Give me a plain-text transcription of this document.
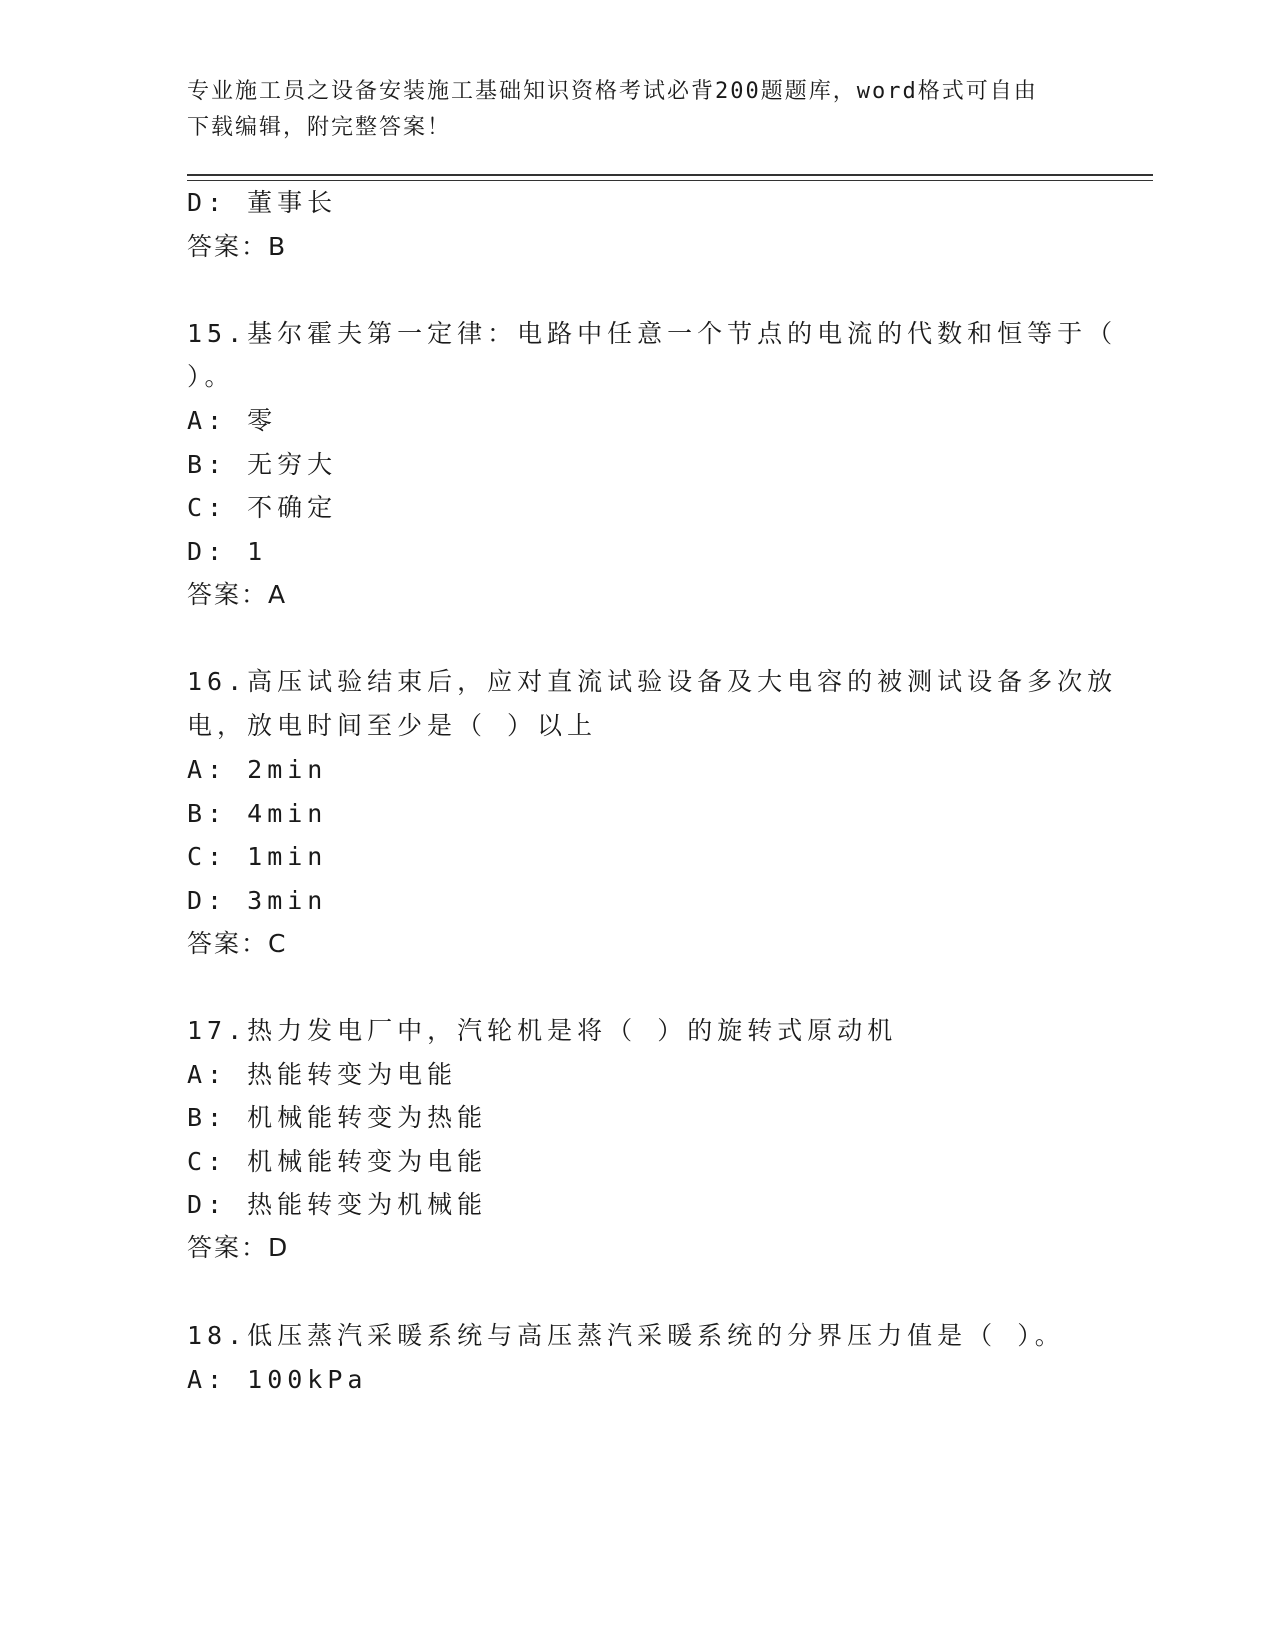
专业施工员之设备安装施工基础知识资格考试必背200题题库，word格式可自由
下载编辑，附完整答案！
D: 董事长
答案：B
15.基尔霍夫第一定律：电路中任意一个节点的电流的代数和恒等于（
）。
A: 零
B: 无穷大
C: 不确定
D: 1
答案：A
16.高压试验结束后，应对直流试验设备及大电容的被测试设备多次放
电，放电时间至少是（ ）以上
A: 2min
B: 4min
C: 1min
D: 3min
答案：C
17.热力发电厂中，汽轮机是将（ ）的旋转式原动机
A: 热能转变为电能
B: 机械能转变为热能
C: 机械能转变为电能
D: 热能转变为机械能
答案：D
18.低压蒸汽采暖系统与高压蒸汽采暖系统的分界压力值是（ ）。
A: 100kPa
